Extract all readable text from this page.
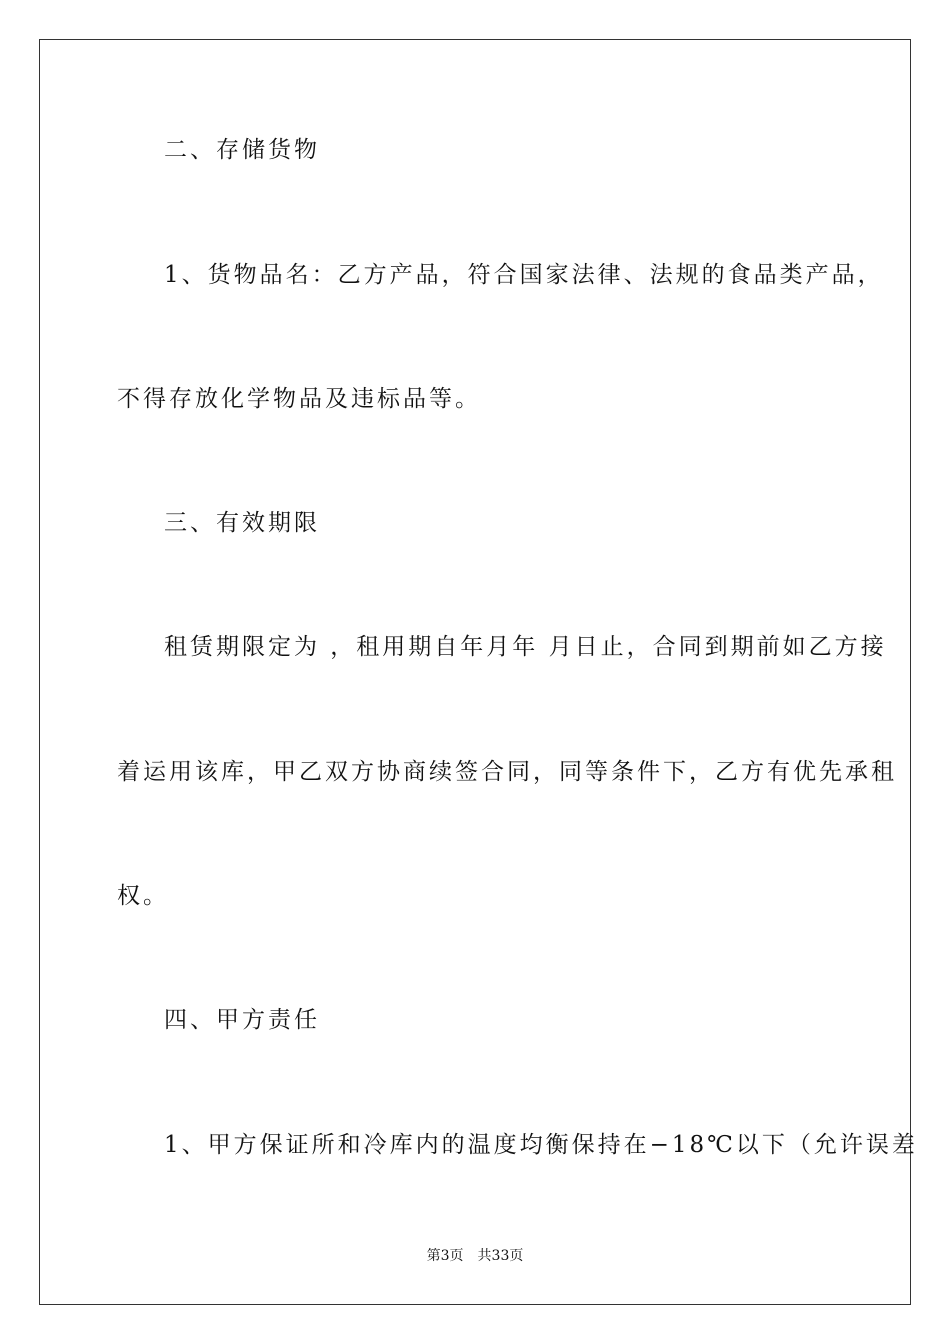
二、存储货物
1、货物品名：乙方产品，符合国家法律、法规的食品类产品，
不得存放化学物品及违标品等。
三、有效期限
租赁期限定为 ，租用期自年月年 月日止，合同到期前如乙方接
着运用该库，甲乙双方协商续签合同，同等条件下，乙方有优先承租
权。
四、甲方责任
1、甲方保证所和冷库内的温度均衡保持在−18℃以下（允许误差
第3页 共33页
